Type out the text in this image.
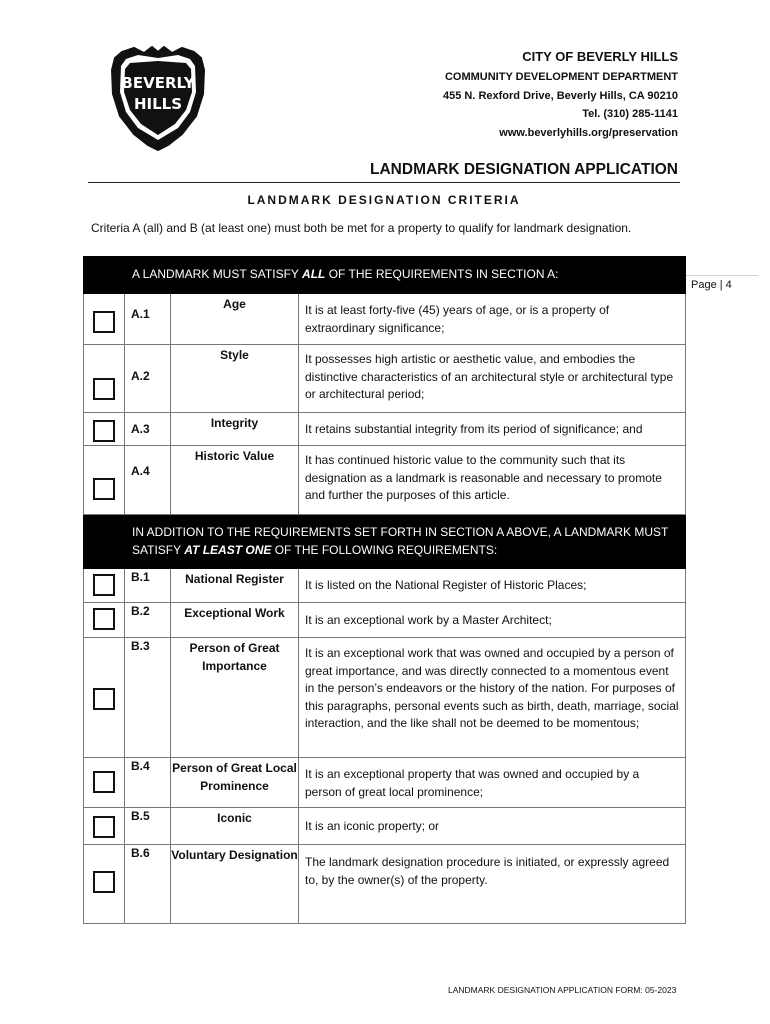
BEVERLY
HILLS
CITY OF BEVERLY HILLS
COMMUNITY DEVELOPMENT DEPARTMENT
455 N. Rexford Drive, Beverly Hills, CA 90210
Tel. (310) 285-1141
www.beverlyhills.org/preservation
LANDMARK DESIGNATION APPLICATION
LANDMARK DESIGNATION CRITERIA
Criteria A (all) and B (at least one) must both be met for a property to qualify for landmark designation.
Page | 4
	A LANDMARK MUST SATISFY ALL OF THE REQUIREMENTS IN SECTION A:		

	A.1	Age	It is at least forty-five (45) years of age, or is a property of extraordinary significance;

	A.2	Style	It possesses high artistic or aesthetic value, and embodies the distinctive characteristics of an architectural style or architectural type or architectural period;

	A.3	Integrity	It retains substantial integrity from its period of significance; and

	A.4	Historic Value	It has continued historic value to the community such that its designation as a landmark is reasonable and necessary to promote and further the purposes of this article.
	IN ADDITION TO THE REQUIREMENTS SET FORTH IN SECTION A ABOVE, A LANDMARK MUST SATISFY AT LEAST ONE OF THE FOLLOWING REQUIREMENTS:		

	B.1	National Register	It is listed on the National Register of Historic Places;

	B.2	Exceptional Work	It is an exceptional work by a Master Architect;

	B.3	Person of Great Importance	It is an exceptional work that was owned and occupied by a person of great importance, and was directly connected to a momentous event in the person’s endeavors or the history of the nation. For purposes of this paragraphs, personal events such as birth, death, marriage, social interaction, and the like shall not be deemed to be momentous;

	B.4	Person of Great Local Prominence	It is an exceptional property that was owned and occupied by a person of great local prominence;

	B.5	Iconic	It is an iconic property; or

	B.6	Voluntary Designation	The landmark designation procedure is initiated, or expressly agreed to, by the owner(s) of the property.
LANDMARK DESIGNATION APPLICATION FORM: 05-2023
